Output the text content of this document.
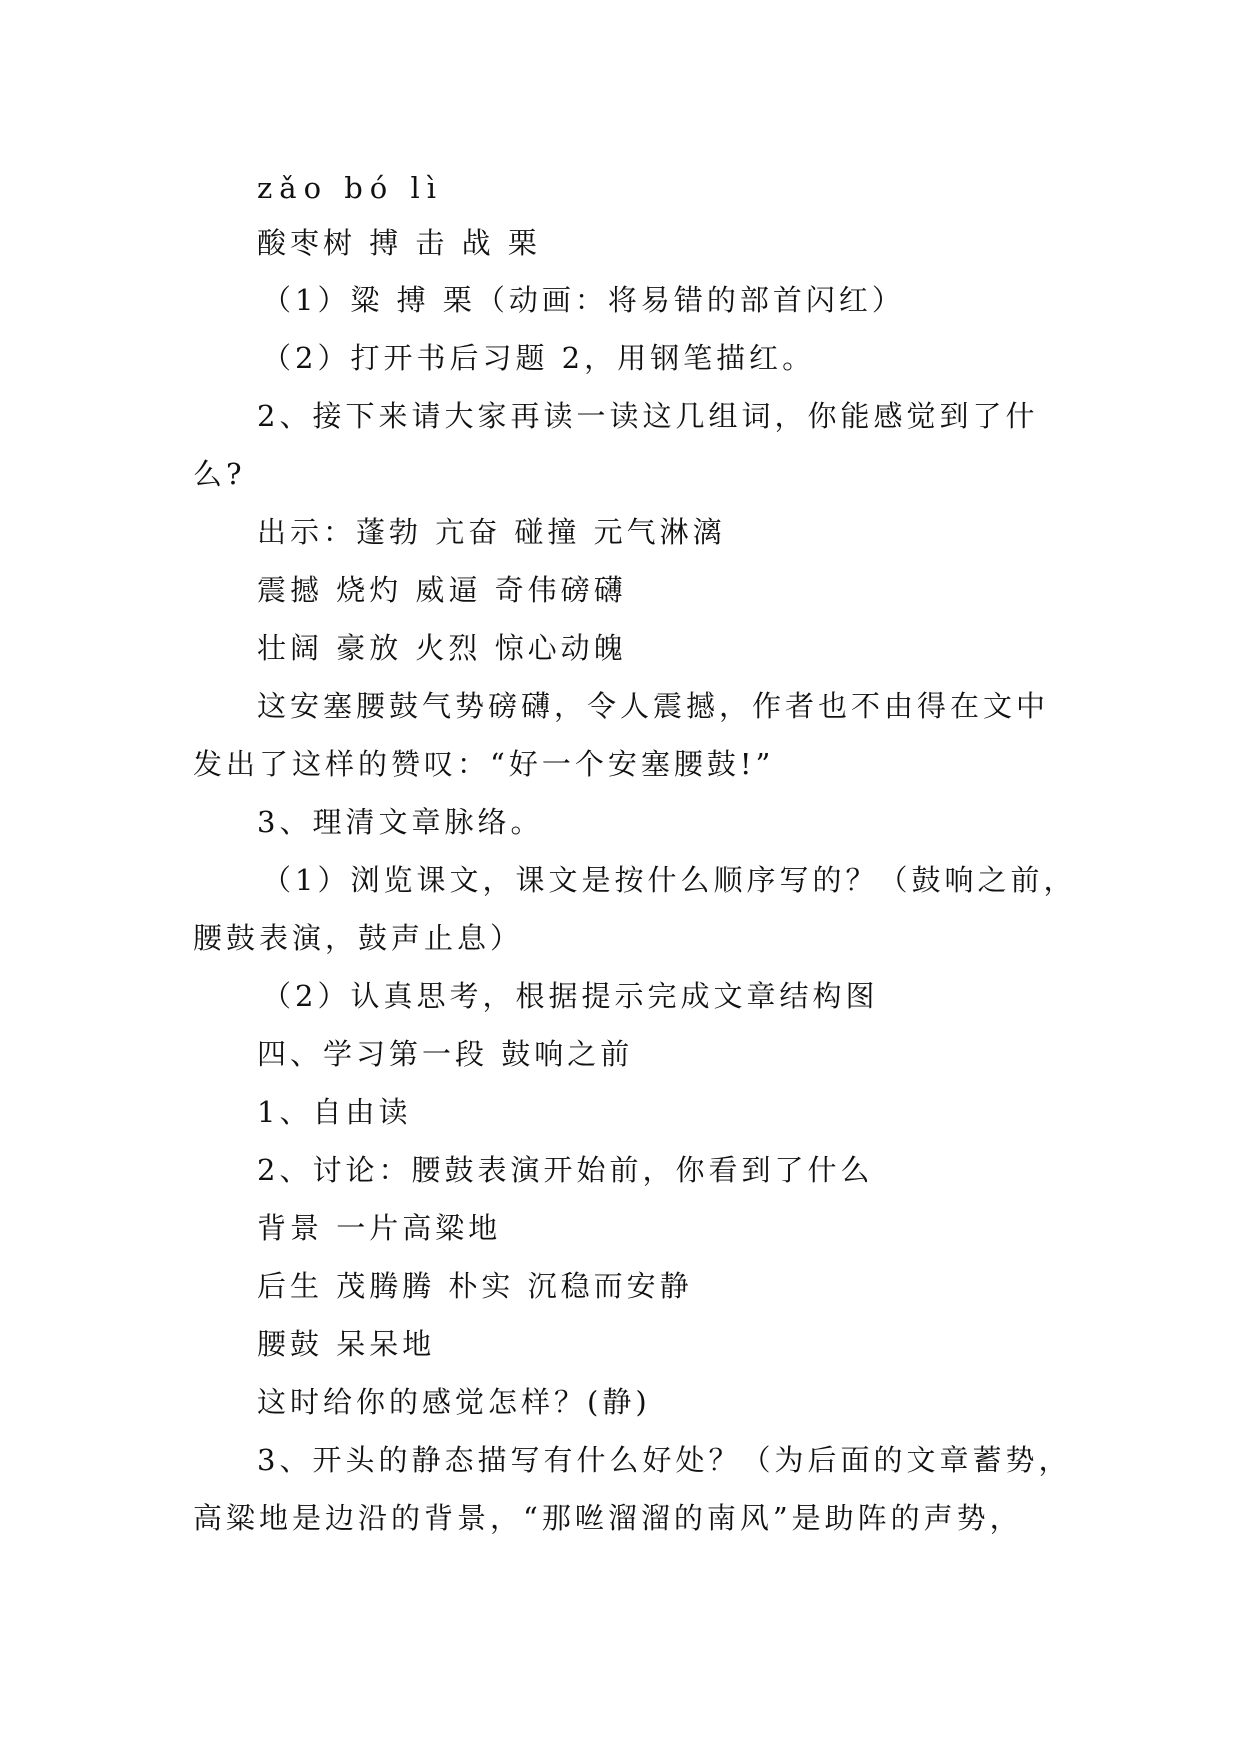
zǎo bó lì
酸枣树 搏 击 战 栗
（1）粱 搏 栗（动画：将易错的部首闪红）
（2）打开书后习题 2，用钢笔描红。
2、接下来请大家再读一读这几组词，你能感觉到了什
么?
出示：蓬勃 亢奋 碰撞 元气淋漓
震撼 烧灼 威逼 奇伟磅礴
壮阔 豪放 火烈 惊心动魄
这安塞腰鼓气势磅礴，令人震撼，作者也不由得在文中
发出了这样的赞叹：“好一个安塞腰鼓!”
3、理清文章脉络。
（1）浏览课文，课文是按什么顺序写的？（鼓响之前，
腰鼓表演，鼓声止息）
（2）认真思考，根据提示完成文章结构图
四、学习第一段 鼓响之前
1、自由读
2、讨论：腰鼓表演开始前，你看到了什么
背景 一片高粱地
后生 茂腾腾 朴实 沉稳而安静
腰鼓 呆呆地
这时给你的感觉怎样？(静)
3、开头的静态描写有什么好处？（为后面的文章蓄势，
高粱地是边沿的背景，“那咝溜溜的南风”是助阵的声势，
